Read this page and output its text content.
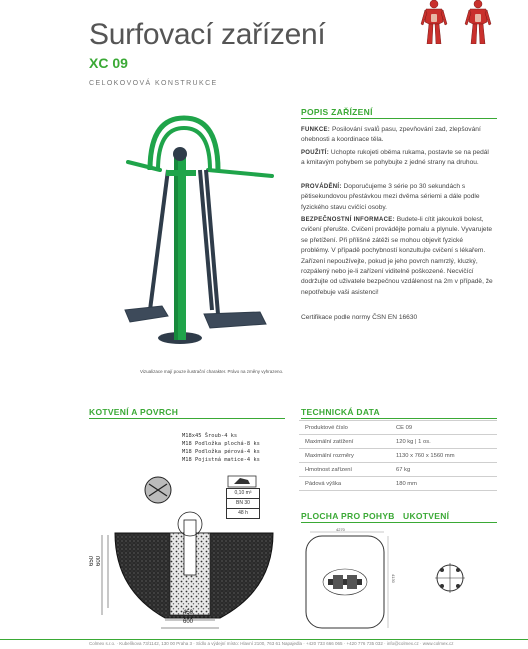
Surfovací zařízení
XC 09
CELOKOVOVÁ KONSTRUKCE
Vizualizace mají pouze ilustrační charakter. Právo na změny vyhrazeno.
POPIS ZAŘÍZENÍ
FUNKCE: Posilování svalů pasu, zpevňování zad, zlepšování ohebnosti a koordinace těla.
POUŽITÍ: Uchopte rukojeti oběma rukama, postavte se na pedál a kmitavým pohybem se pohybujte z jedné strany na druhou.
PROVÁDĚNÍ: Doporučujeme 3 série po 30 sekundách s pětisekundovou přestávkou mezi dvěma sériemi a dále podle fyzického stavu cvičící osoby.
BEZPEČNOSTNÍ INFORMACE: Budete-li cítit jakoukoli bolest, cvičení přerušte. Cvičení provádějte pomalu a plynule. Vyvarujete se přetížení. Při přílišné zátěži se mohou objevit fyzické problémy. V případě pochybností konzultujte cvičení s lékařem. Zařízení nepoužívejte, pokud je jeho povrch namrzlý, kluzký, rozpálený nebo je-li zařízení viditelně poškozené. Necvičící dodržujte od uživatele bezpečnou vzdálenost na 2m v případě, že nepotřebuje vaši asistenci!
Certifikace podle normy ČSN EN 16630
KOTVENÍ A POVRCH
M18x45 Šroub-4 ks
M18 Podložka plochá-8 ks
M18 Podložka pérová-4 ks
M18 Pojistná matice-4 ks
0,10 m³
BN 30
48 h
650 600
450
600
TECHNICKÁ DATA
Produktové číslo	CE 09
Maximální zatížení	120 kg | 1 os.
Maximální rozměry	1130 x 760 x 1560 mm
Hmotnost zařízení	67 kg
Pádová výška	180 mm
PLOCHA PRO POHYB UKOTVENÍ
4270
4130
Colmex s.r.o. · Kubelíkova 73/1142, 130 00 Praha 3 · Sídlo a výdejní místo: Hlavní 2100, 763 61 Napajedla · +420 733 666 065 · +420 776 735 032 · info@colmex.cz · www.colmex.cz
